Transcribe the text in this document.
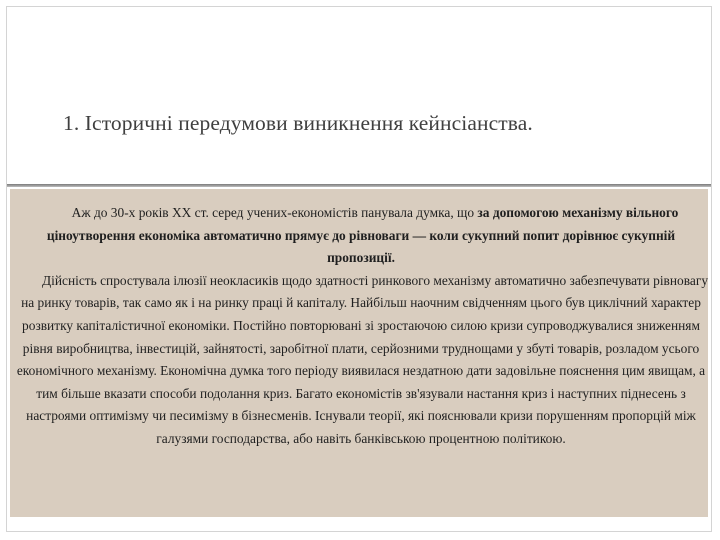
1. Історичні передумови виникнення кейнсіанства.

Аж до 30-х років ХХ ст. серед учених-економістів панувала думка, що за допомогою механізму вільного ціноутворення економіка автоматично прямує до рівноваги — коли сукупний попит дорівнює сукупній пропозиції.

Дійсність спростувала ілюзії неокласиків щодо здатності ринкового механізму автоматично забезпечувати рівновагу на ринку товарів, так само як і на ринку праці й капіталу. Найбільш наочним свідченням цього був циклічний характер розвитку капіталістичної економіки. Постійно повторювані зі зростаючою силою кризи супроводжувалися зниженням рівня виробництва, інвестицій, зайнятості, заробітної плати, серйозними труднощами у збуті товарів, розладом усього економічного механізму. Економічна думка того періоду виявилася нездатною дати задовільне пояснення цим явищам, а тим більше вказати способи подолання криз. Багато економістів зв'язували настання криз і наступних піднесень з настроями оптимізму чи песимізму в бізнесменів. Існували теорії, які пояснювали кризи порушенням пропорцій між галузями господарства, або навіть банківською процентною політикою.
